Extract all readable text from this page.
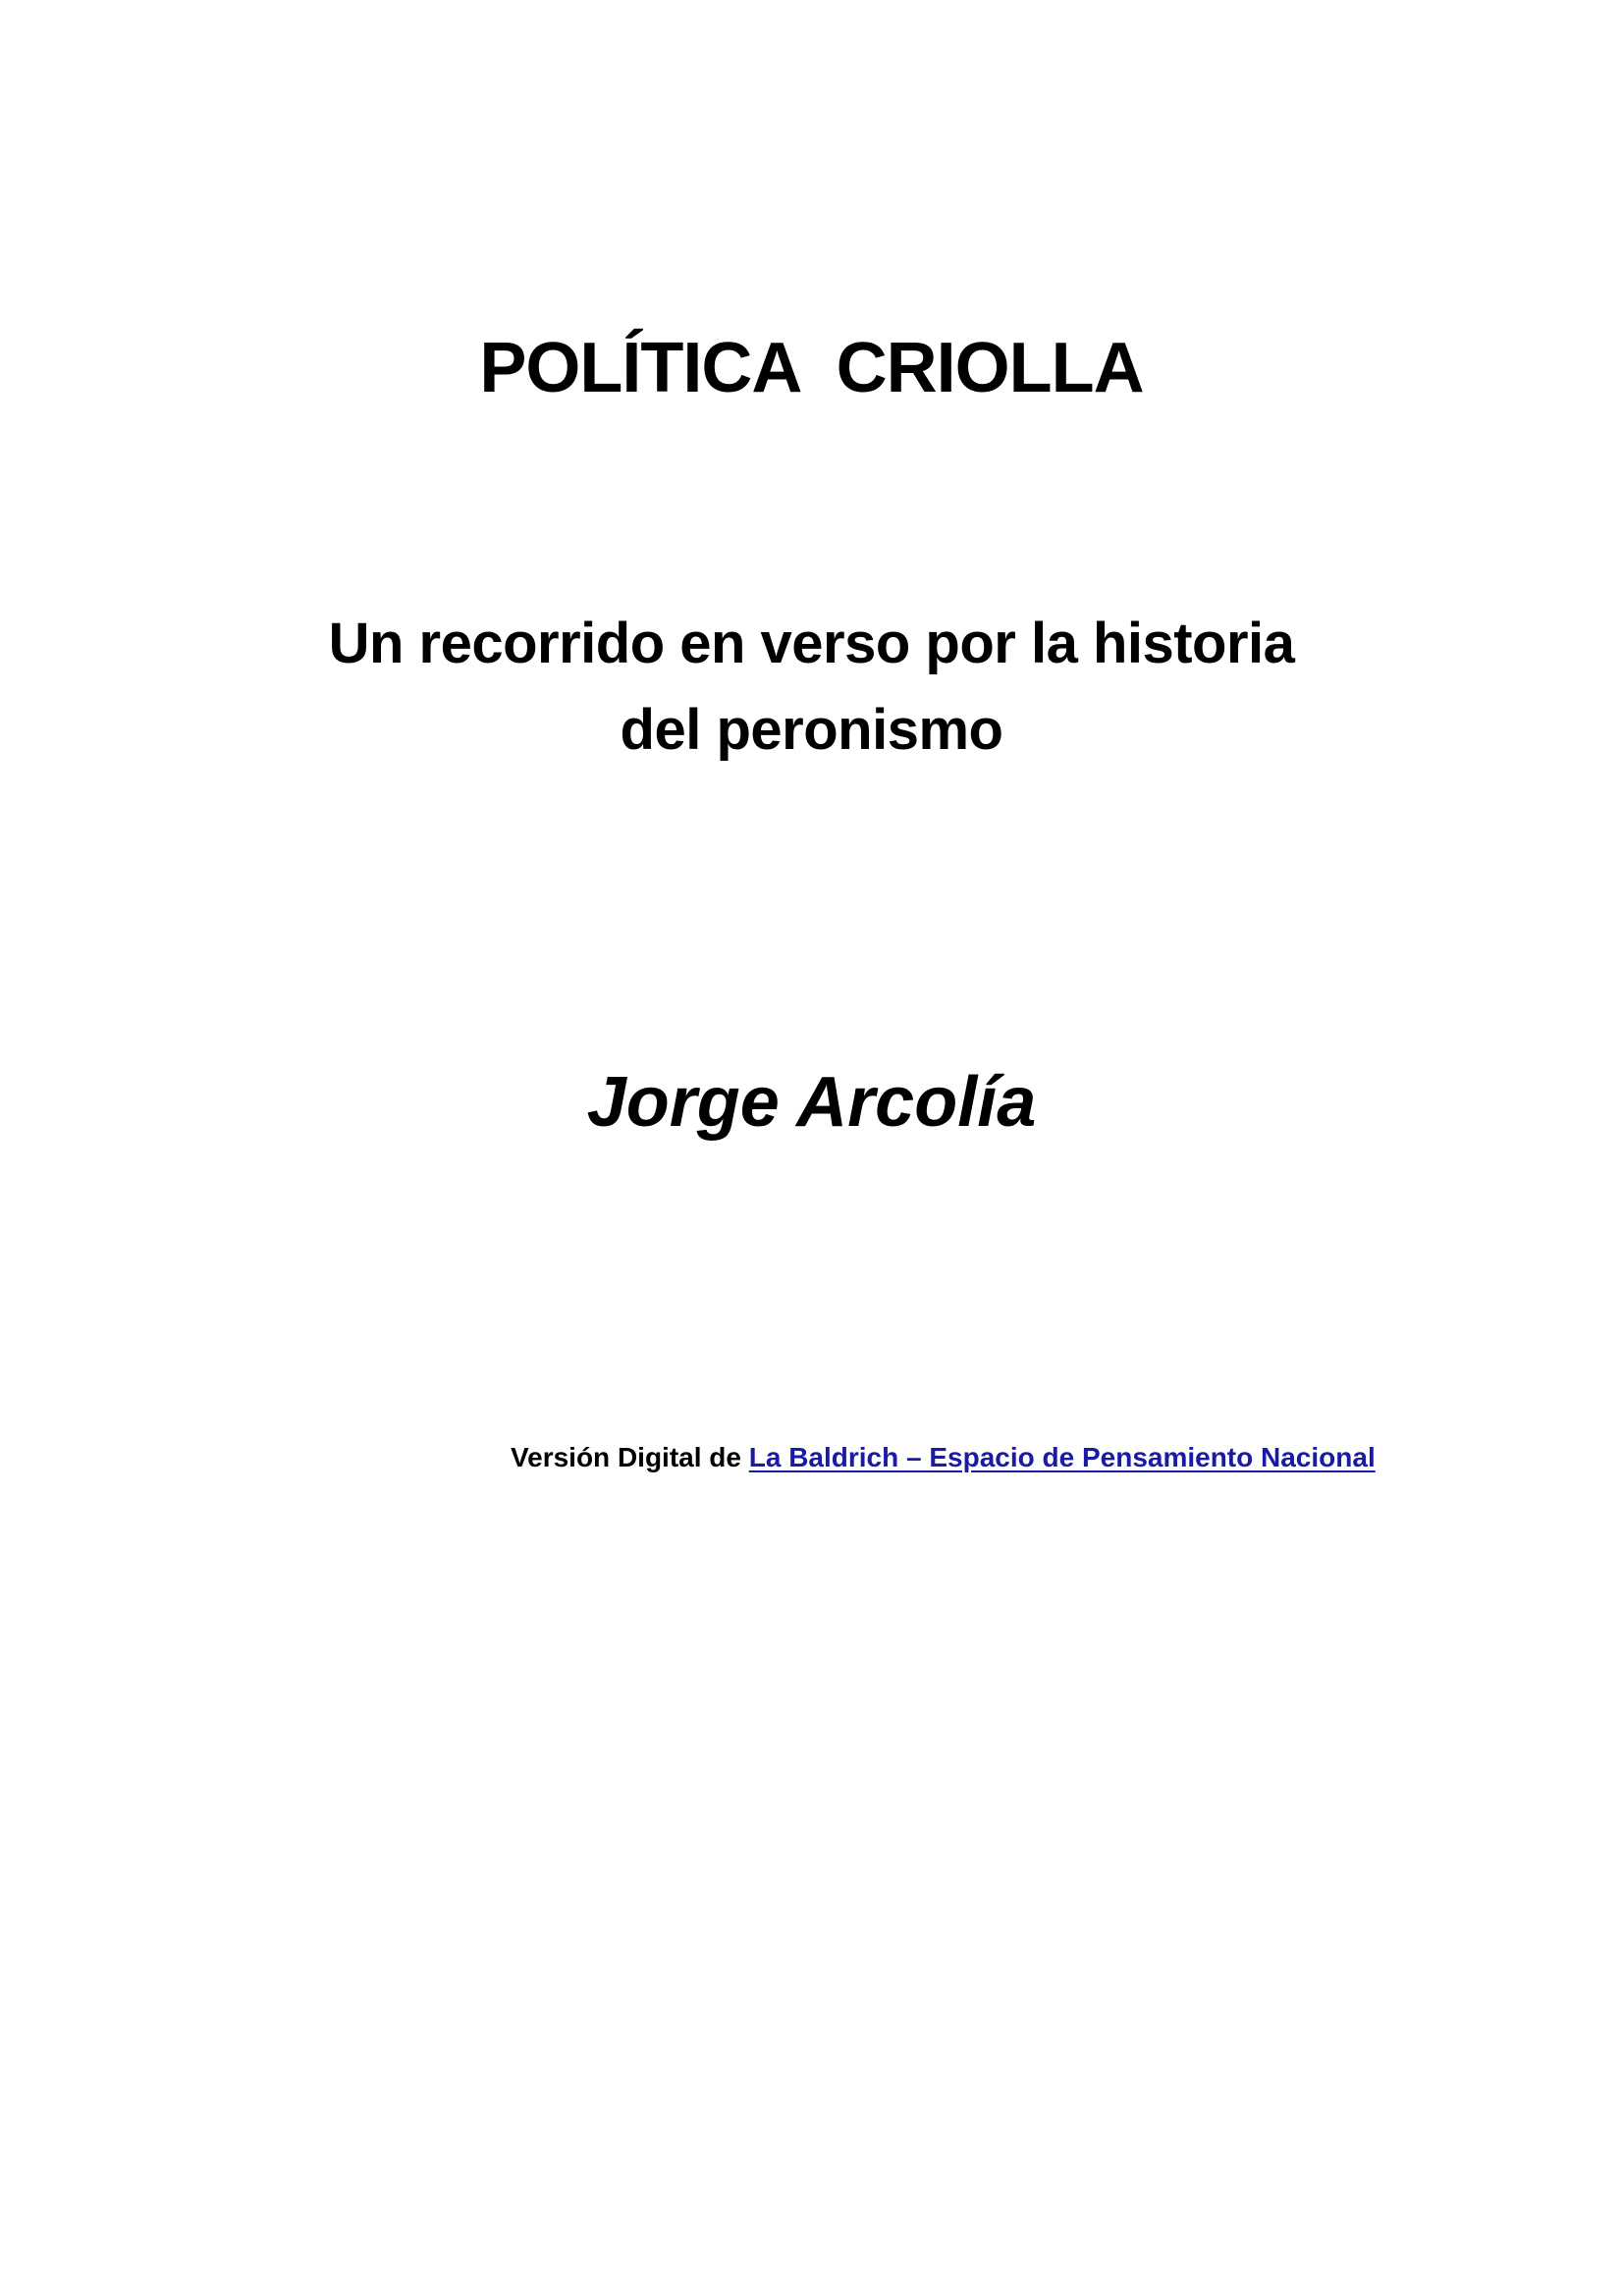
POLÍTICA  CRIOLLA
Un recorrido en verso por la historia
del peronismo

Jorge Arcolía

Versión Digital de La Baldrich – Espacio de Pensamiento Nacional
